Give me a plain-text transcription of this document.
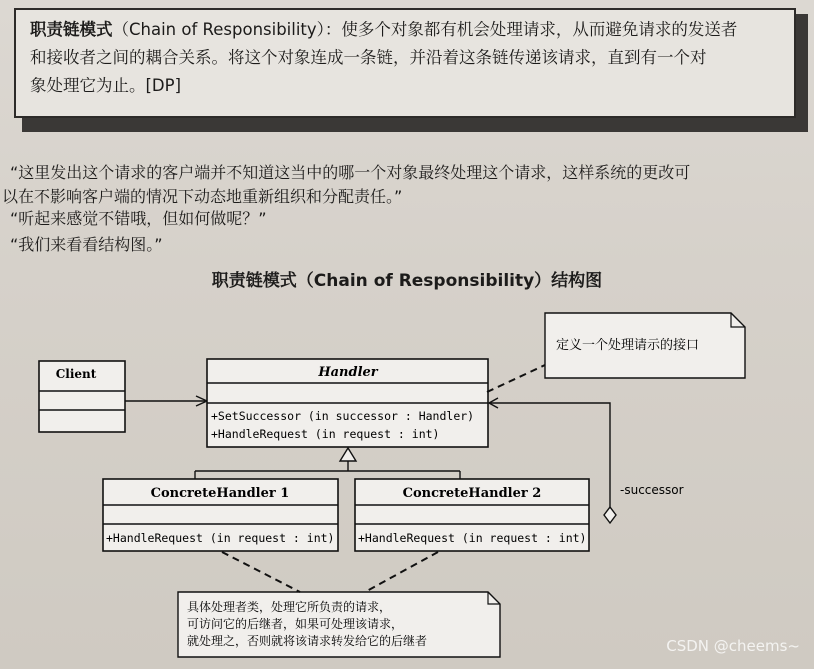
职责链模式（Chain of Responsibility）：使多个对象都有机会处理请求，从而避免请求的发送者
和接收者之间的耦合关系。将这个对象连成一条链，并沿着这条链传递该请求，直到有一个对
象处理它为止。[DP]
“这里发出这个请求的客户端并不知道这当中的哪一个对象最终处理这个请求，这样系统的更改可
以在不影响客户端的情况下动态地重新组织和分配责任。”
“听起来感觉不错哦，但如何做呢？”
“我们来看看结构图。”
职责链模式（Chain of Responsibility）结构图
Client	Handler
+SetSuccessor (in successor : Handler)
+HandleRequest (in request : int)
ConcreteHandler 1
+HandleRequest (in request : int)
ConcreteHandler 2
+HandleRequest (in request : int)
-successor
定义一个处理请示的接口
具体处理者类，处理它所负责的请求，
可访问它的后继者，如果可处理该请求，
就处理之，否则就将该请求转发给它的后继者	CSDN @cheems~
